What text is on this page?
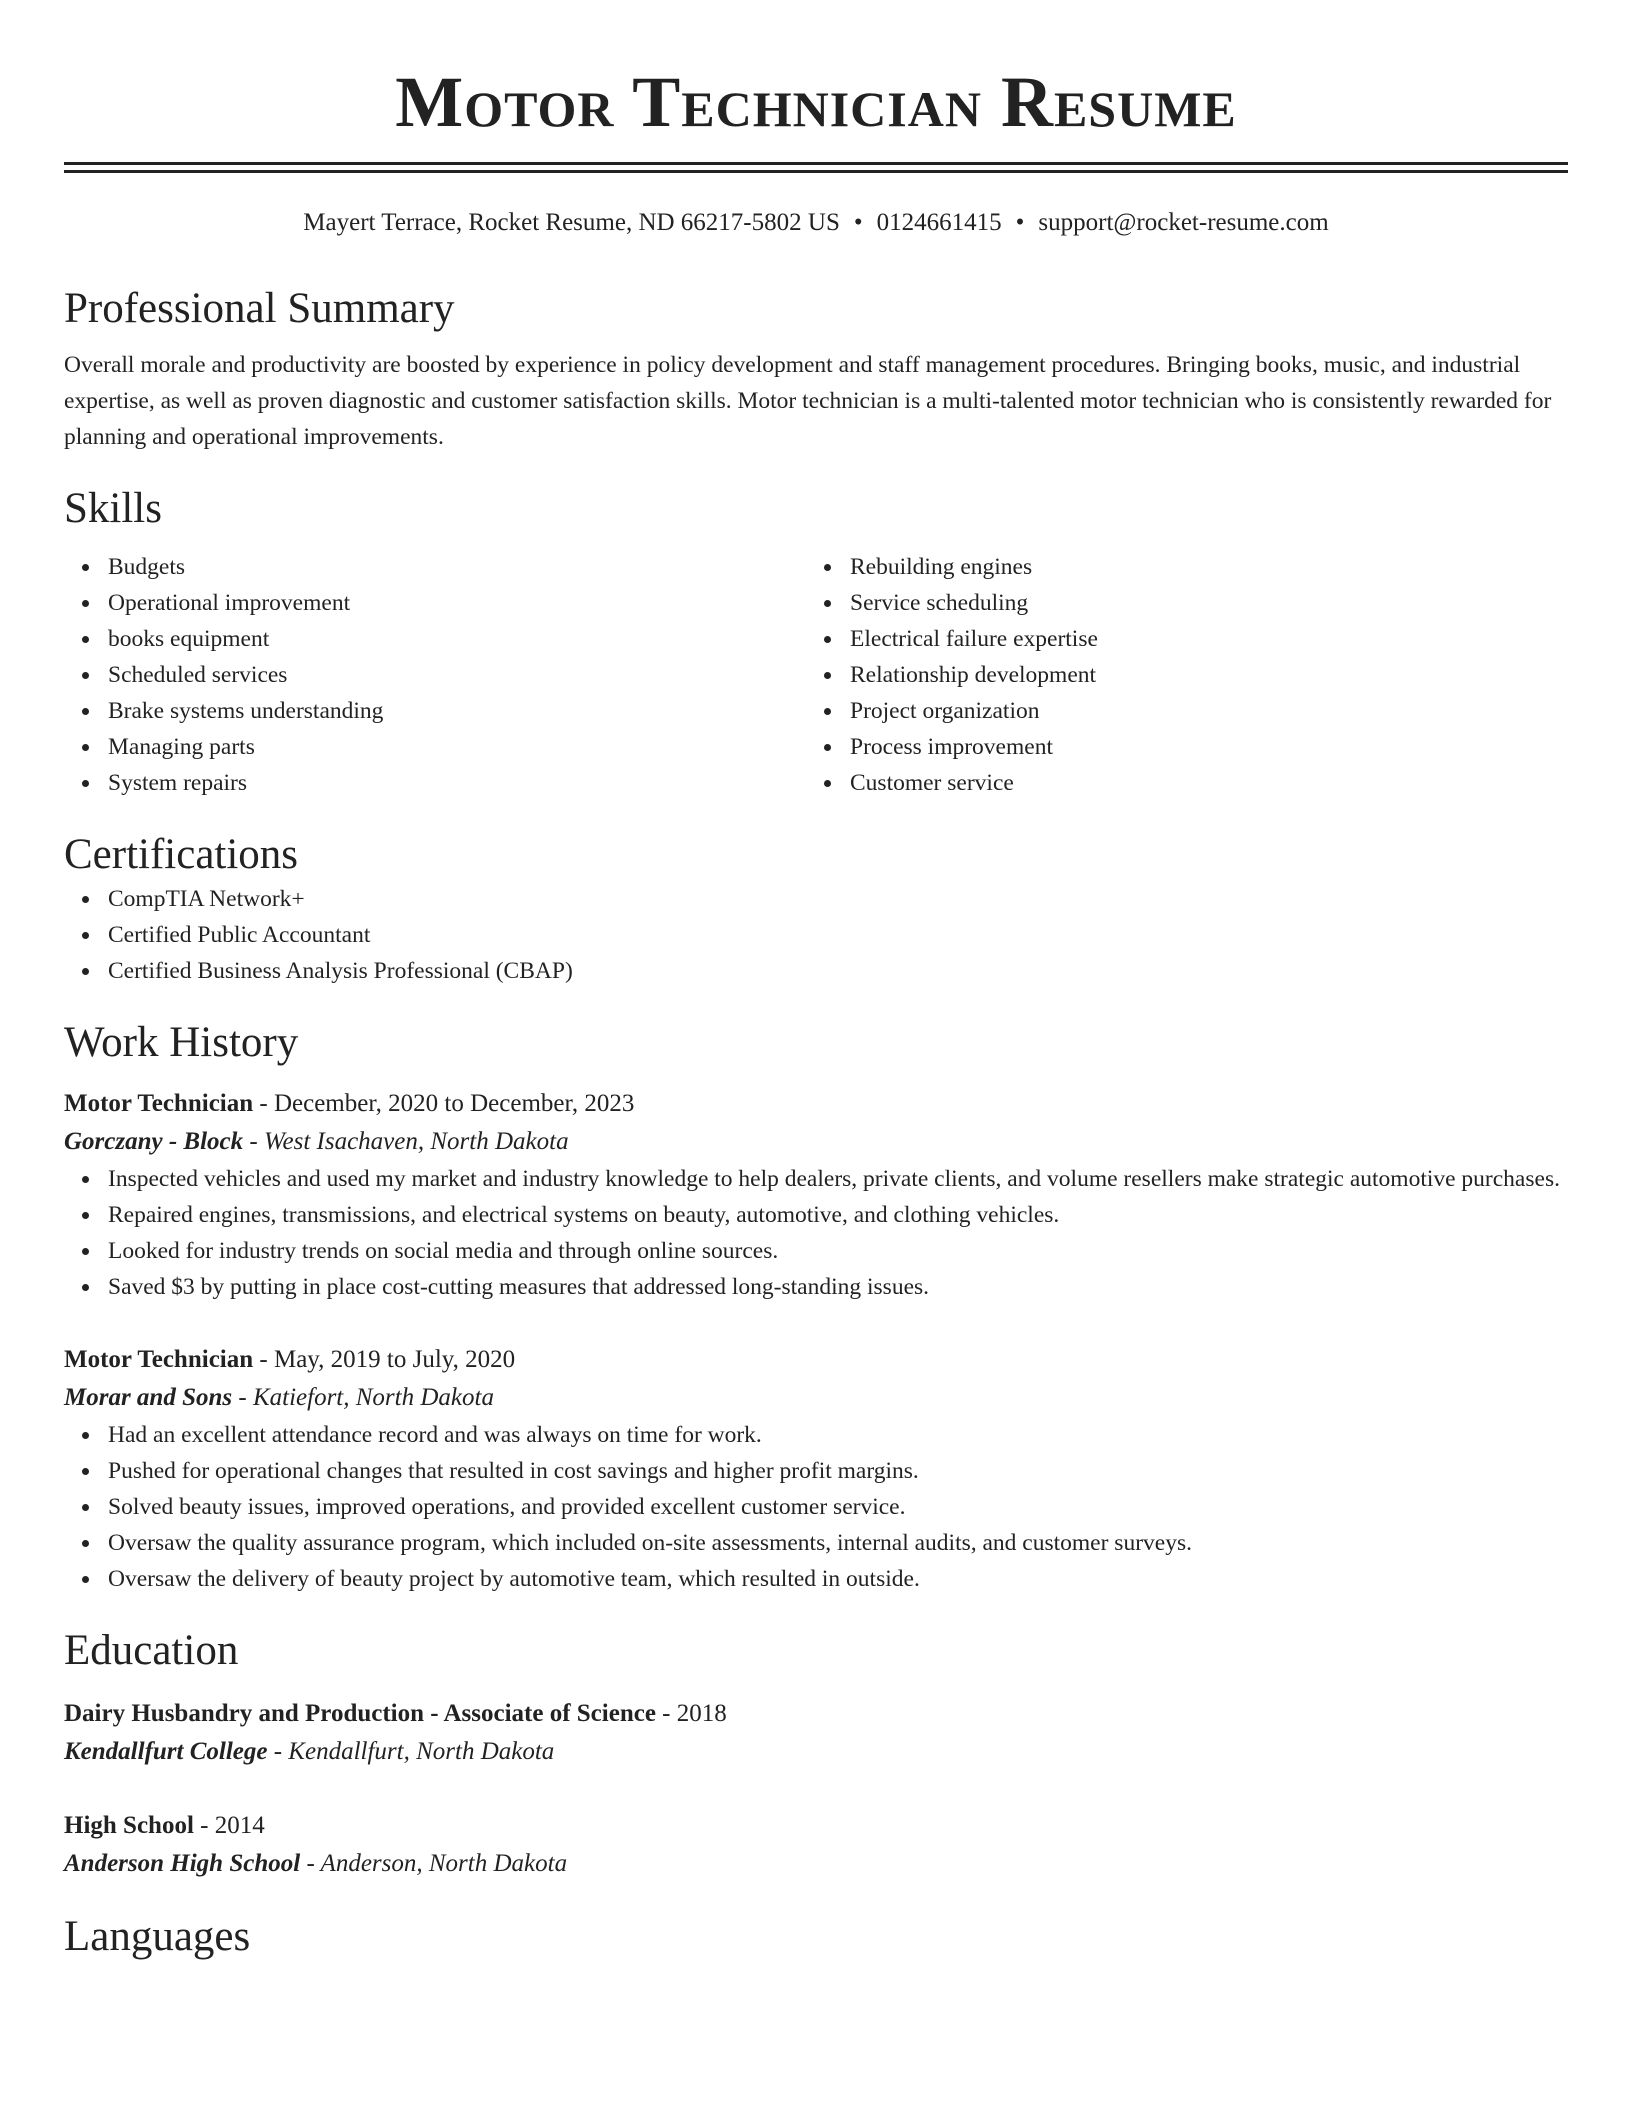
Motor Technician Resume
Mayert Terrace, Rocket Resume, ND 66217-5802 US • 0124661415 • support@rocket-resume.com
Professional Summary
Overall morale and productivity are boosted by experience in policy development and staff management procedures. Bringing books, music, and industrial expertise, as well as proven diagnostic and customer satisfaction skills. Motor technician is a multi-talented motor technician who is consistently rewarded for planning and operational improvements.
Skills
Budgets
Operational improvement
books equipment
Scheduled services
Brake systems understanding
Managing parts
System repairs
Rebuilding engines
Service scheduling
Electrical failure expertise
Relationship development
Project organization
Process improvement
Customer service
Certifications
CompTIA Network+
Certified Public Accountant
Certified Business Analysis Professional (CBAP)
Work History
Motor Technician - December, 2020 to December, 2023
Gorczany - Block - West Isachaven, North Dakota
Inspected vehicles and used my market and industry knowledge to help dealers, private clients, and volume resellers make strategic automotive purchases.
Repaired engines, transmissions, and electrical systems on beauty, automotive, and clothing vehicles.
Looked for industry trends on social media and through online sources.
Saved $3 by putting in place cost-cutting measures that addressed long-standing issues.
Motor Technician - May, 2019 to July, 2020
Morar and Sons - Katiefort, North Dakota
Had an excellent attendance record and was always on time for work.
Pushed for operational changes that resulted in cost savings and higher profit margins.
Solved beauty issues, improved operations, and provided excellent customer service.
Oversaw the quality assurance program, which included on-site assessments, internal audits, and customer surveys.
Oversaw the delivery of beauty project by automotive team, which resulted in outside.
Education
Dairy Husbandry and Production - Associate of Science - 2018
Kendallfurt College - Kendallfurt, North Dakota
High School - 2014
Anderson High School - Anderson, North Dakota
Languages
